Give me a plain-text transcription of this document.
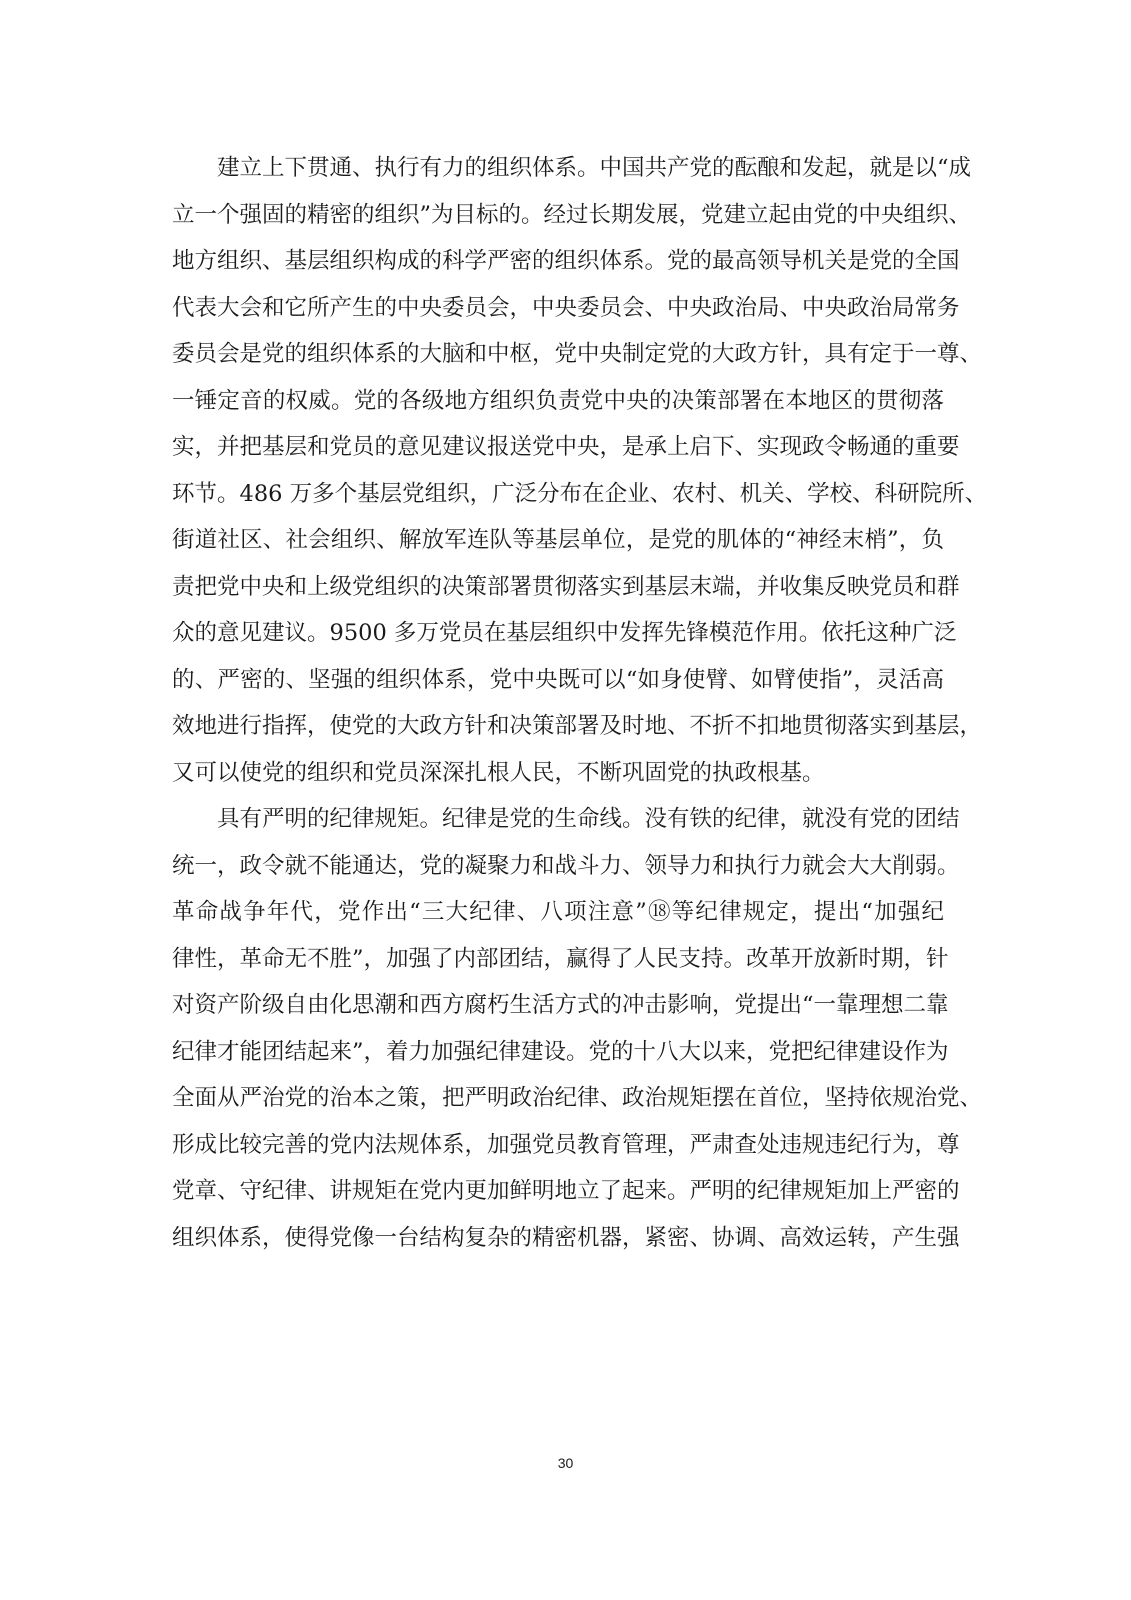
建立上下贯通、执行有力的组织体系。中国共产党的酝酿和发起，就是以“成
立一个强固的精密的组织”为目标的。经过长期发展，党建立起由党的中央组织、
地方组织、基层组织构成的科学严密的组织体系。党的最高领导机关是党的全国
代表大会和它所产生的中央委员会，中央委员会、中央政治局、中央政治局常务
委员会是党的组织体系的大脑和中枢，党中央制定党的大政方针，具有定于一尊、
一锤定音的权威。党的各级地方组织负责党中央的决策部署在本地区的贯彻落
实，并把基层和党员的意见建议报送党中央，是承上启下、实现政令畅通的重要
环节。486 万多个基层党组织，广泛分布在企业、农村、机关、学校、科研院所、
街道社区、社会组织、解放军连队等基层单位，是党的肌体的“神经末梢”，负
责把党中央和上级党组织的决策部署贯彻落实到基层末端，并收集反映党员和群
众的意见建议。9500 多万党员在基层组织中发挥先锋模范作用。依托这种广泛
的、严密的、坚强的组织体系，党中央既可以“如身使臂、如臂使指”，灵活高
效地进行指挥，使党的大政方针和决策部署及时地、不折不扣地贯彻落实到基层，
又可以使党的组织和党员深深扎根人民，不断巩固党的执政根基。
具有严明的纪律规矩。纪律是党的生命线。没有铁的纪律，就没有党的团结
统一，政令就不能通达，党的凝聚力和战斗力、领导力和执行力就会大大削弱。
革命战争年代，党作出“三大纪律、八项注意”⑱等纪律规定，提出“加强纪
律性，革命无不胜”，加强了内部团结，赢得了人民支持。改革开放新时期，针
对资产阶级自由化思潮和西方腐朽生活方式的冲击影响，党提出“一靠理想二靠
纪律才能团结起来”，着力加强纪律建设。党的十八大以来，党把纪律建设作为
全面从严治党的治本之策，把严明政治纪律、政治规矩摆在首位，坚持依规治党、
形成比较完善的党内法规体系，加强党员教育管理，严肃查处违规违纪行为，尊
党章、守纪律、讲规矩在党内更加鲜明地立了起来。严明的纪律规矩加上严密的
组织体系，使得党像一台结构复杂的精密机器，紧密、协调、高效运转，产生强
30
